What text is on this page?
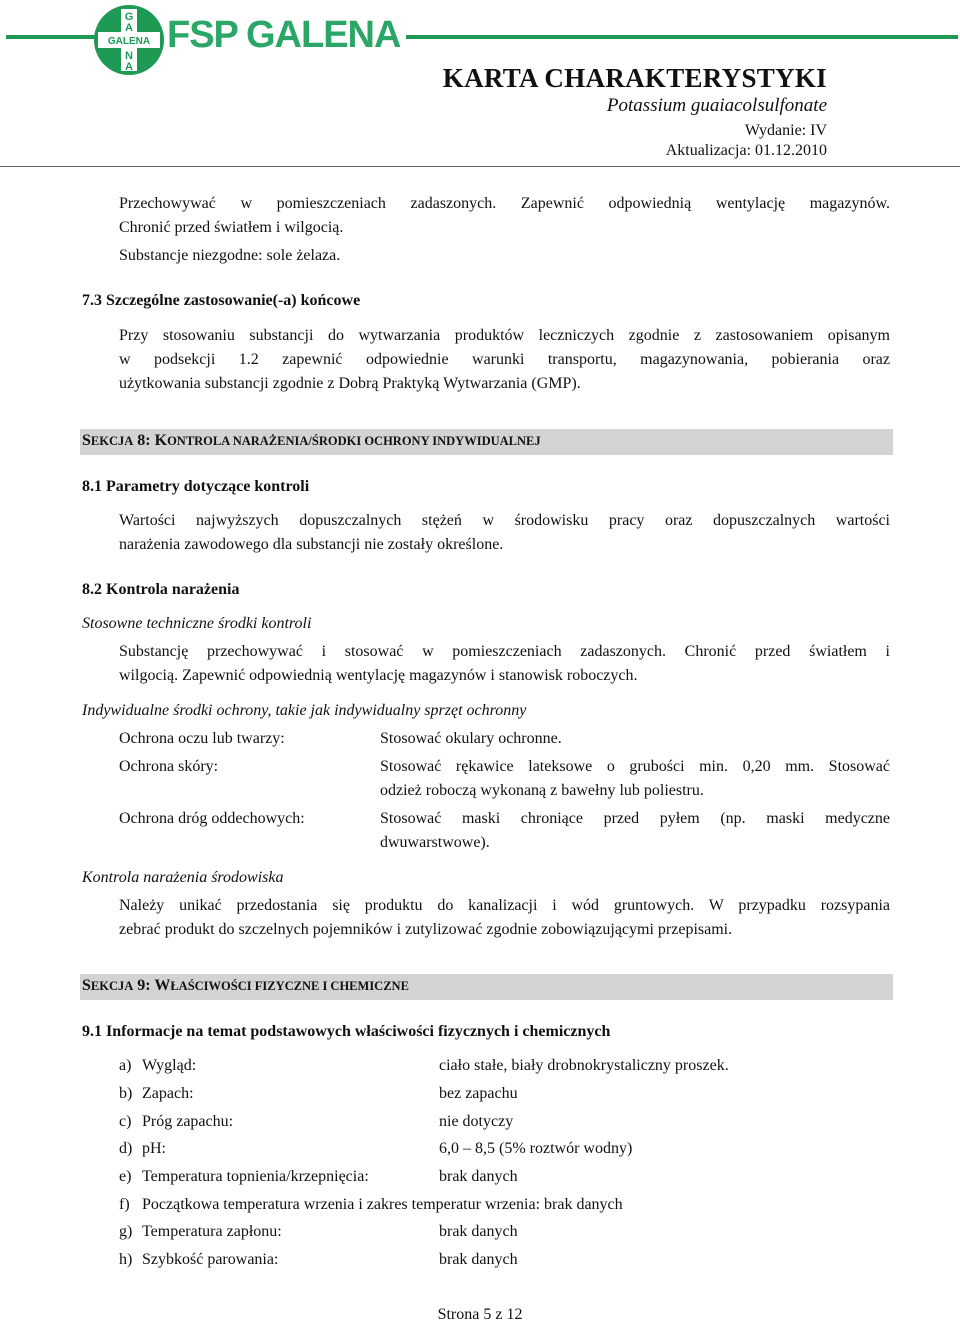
G
A
GALENA
N
A
FSP GALENA
KARTA CHARAKTERYSTYKI
Potassium guaiacolsulfonate
Wydanie: IV
Aktualizacja: 01.12.2010
Przechowywać w pomieszczeniach zadaszonych. Zapewnić odpowiednią wentylację magazynów.
Chronić przed światłem i wilgocią.
Substancje niezgodne: sole żelaza.
7.3 Szczególne zastosowanie(-a) końcowe
Przy stosowaniu substancji do wytwarzania produktów leczniczych zgodnie z zastosowaniem opisanym
w podsekcji 1.2 zapewnić odpowiednie warunki transportu, magazynowania, pobierania oraz
użytkowania substancji zgodnie z Dobrą Praktyką Wytwarzania (GMP).
SEKCJA 8: KONTROLA NARAŻENIA/ŚRODKI OCHRONY INDYWIDUALNEJ
8.1 Parametry dotyczące kontroli
Wartości najwyższych dopuszczalnych stężeń w środowisku pracy oraz dopuszczalnych wartości
narażenia zawodowego dla substancji nie zostały określone.
8.2 Kontrola narażenia
Stosowne techniczne środki kontroli
Substancję przechowywać i stosować w pomieszczeniach zadaszonych. Chronić przed światłem i
wilgocią. Zapewnić odpowiednią wentylację magazynów i stanowisk roboczych.
Indywidualne środki ochrony, takie jak indywidualny sprzęt ochronny
Ochrona oczu lub twarzy:	Stosować okulary ochronne.
Ochrona skóry:	Stosować rękawice lateksowe o grubości min. 0,20 mm. Stosować
odzież roboczą wykonaną z bawełny lub poliestru.
Ochrona dróg oddechowych:	Stosować maski chroniące przed pyłem (np. maski medyczne
dwuwarstwowe).
Kontrola narażenia środowiska
Należy unikać przedostania się produktu do kanalizacji i wód gruntowych. W przypadku rozsypania
zebrać produkt do szczelnych pojemników i zutylizować zgodnie zobowiązującymi przepisami.
SEKCJA 9: WŁAŚCIWOŚCI FIZYCZNE I CHEMICZNE
9.1 Informacje na temat podstawowych właściwości fizycznych i chemicznych
a) Wygląd:	ciało stałe, biały drobnokrystaliczny proszek.
b) Zapach:	bez zapachu
c) Próg zapachu:	nie dotyczy
d) pH:	6,0 – 8,5 (5% roztwór wodny)
e) Temperatura topnienia/krzepnięcia:	brak danych
f) Początkowa temperatura wrzenia i zakres temperatur wrzenia: brak danych
g) Temperatura zapłonu:	brak danych
h) Szybkość parowania:	brak danych
Strona 5 z 12
